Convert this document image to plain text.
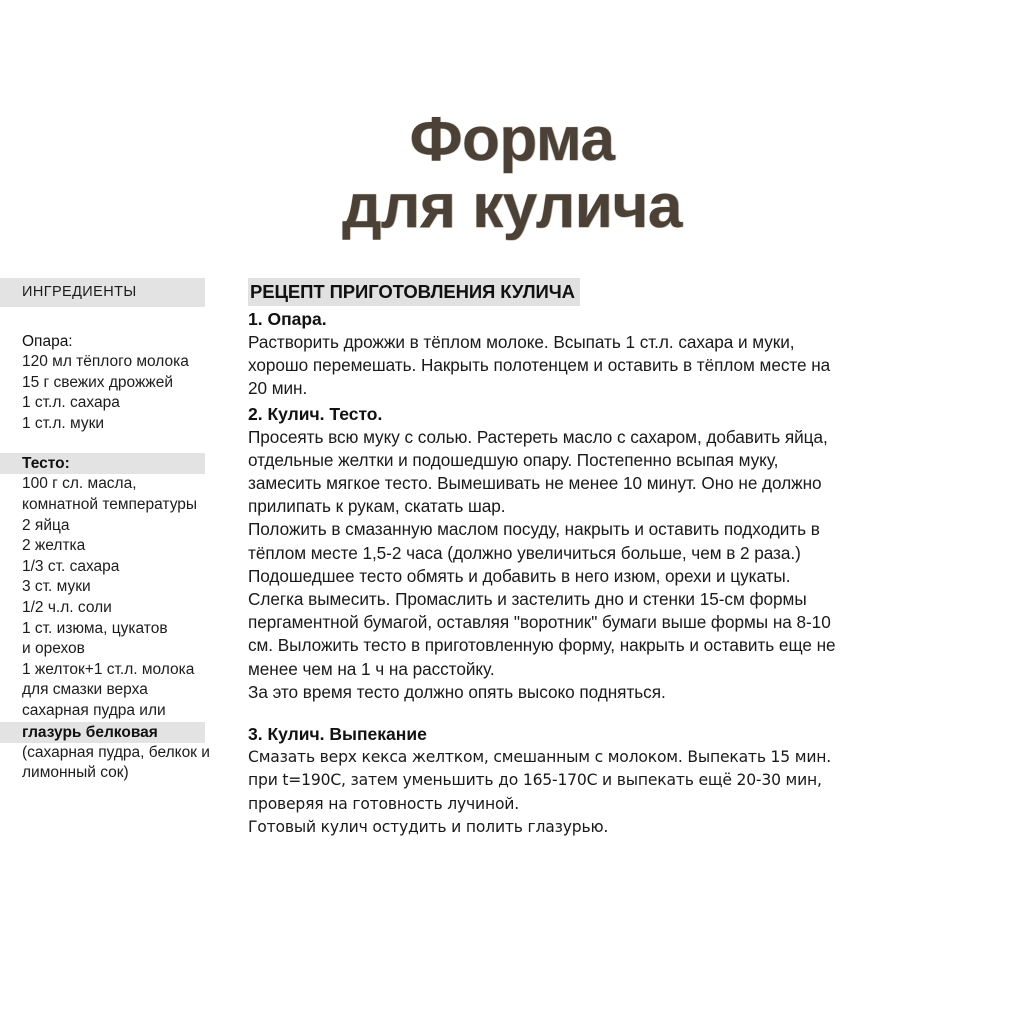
Форма
для кулича
ИНГРЕДИЕНТЫ
Опара:
120 мл тёплого молока
15 г свежих дрожжей
1 ст.л. сахара
1 ст.л. муки
Тесто:
100 г сл. масла,
комнатной температуры
2 яйца
2 желтка
1/3 ст. сахара
3 ст. муки
1/2 ч.л. соли
1 ст. изюма, цукатов
и орехов
1 желток+1 ст.л. молока
для смазки верха
сахарная пудра или
глазурь белковая
(сахарная пудра, белкок и
лимонный сок)
РЕЦЕПТ ПРИГОТОВЛЕНИЯ КУЛИЧА
1. Опара.
Растворить дрожжи в тёплом молоке. Всыпать 1 ст.л. сахара и муки,
хорошо перемешать. Накрыть полотенцем и оставить в тёплом месте на
20 мин.
2. Кулич. Тесто.
Просеять всю муку с солью. Растереть масло с сахаром, добавить яйца,
отдельные желтки и подошедшую опару. Постепенно всыпая муку,
замесить мягкое тесто. Вымешивать не менее 10 минут. Оно не должно
прилипать к рукам, скатать шар.
Положить в смазанную маслом посуду, накрыть и оставить подходить в
тёплом месте 1,5-2 часа (должно увеличиться больше, чем в 2 раза.)
Подошедшее тесто обмять и добавить в него изюм, орехи и цукаты.
Слегка вымесить. Промаслить и застелить дно и стенки 15-см формы
пергаментной бумагой, оставляя "воротник" бумаги выше формы на 8-10
см. Выложить тесто в приготовленную форму, накрыть и оставить еще не
менее чем на 1 ч на расстойку.
За это время тесто должно опять высоко подняться.
3. Кулич. Выпекание
Смазать верх кекса желтком, смешанным с молоком. Выпекать 15 мин.
при t=190С, затем уменьшить до 165-170С и выпекать ещё 20-30 мин,
проверяя на готовность лучиной.
Готовый кулич остудить и полить глазурью.
